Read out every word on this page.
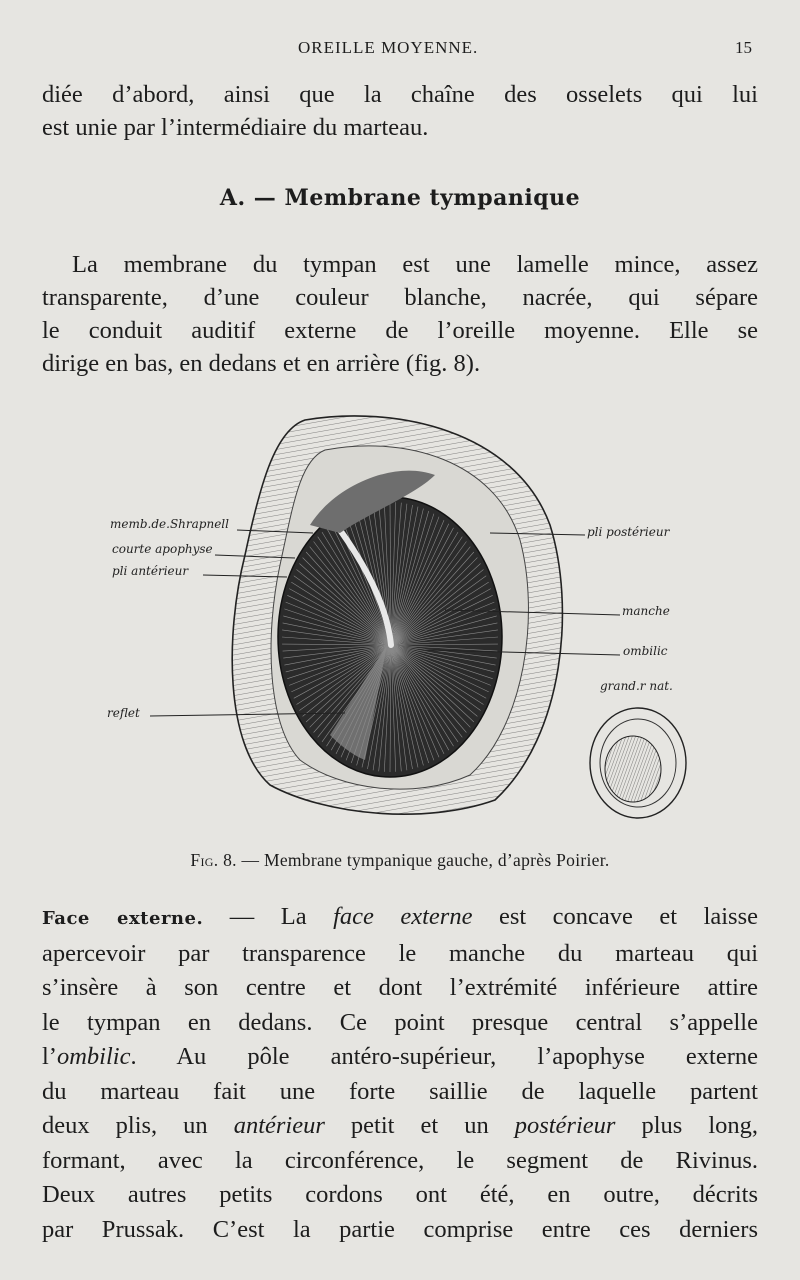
OREILLE MOYENNE.	15

diée d’abord, ainsi que la chaîne des osselets qui lui
est unie par l’intermédiaire du marteau.

A. — Membrane tympanique

La membrane du tympan est une lamelle mince, assez
transparente, d’une couleur blanche, nacrée, qui sépare
le conduit auditif externe de l’oreille moyenne. Elle se
dirige en bas, en dedans et en arrière (fig. 8).

memb.de.Shrapnell
courte apophyse
pli antérieur
reflet
pli postérieur
manche
ombilic
grand.r nat.
Fig. 8. — Membrane tympanique gauche, d’après Poirier.

Face externe. — La face externe est concave et laisse
apercevoir par transparence le manche du marteau qui
s’insère à son centre et dont l’extrémité inférieure attire
le tympan en dedans. Ce point presque central s’appelle
l’ombilic. Au pôle antéro-supérieur, l’apophyse externe
du marteau fait une forte saillie de laquelle partent
deux plis, un antérieur petit et un postérieur plus long,
formant, avec la circonférence, le segment de Rivinus.
Deux autres petits cordons ont été, en outre, décrits
par Prussak. C’est la partie comprise entre ces derniers
